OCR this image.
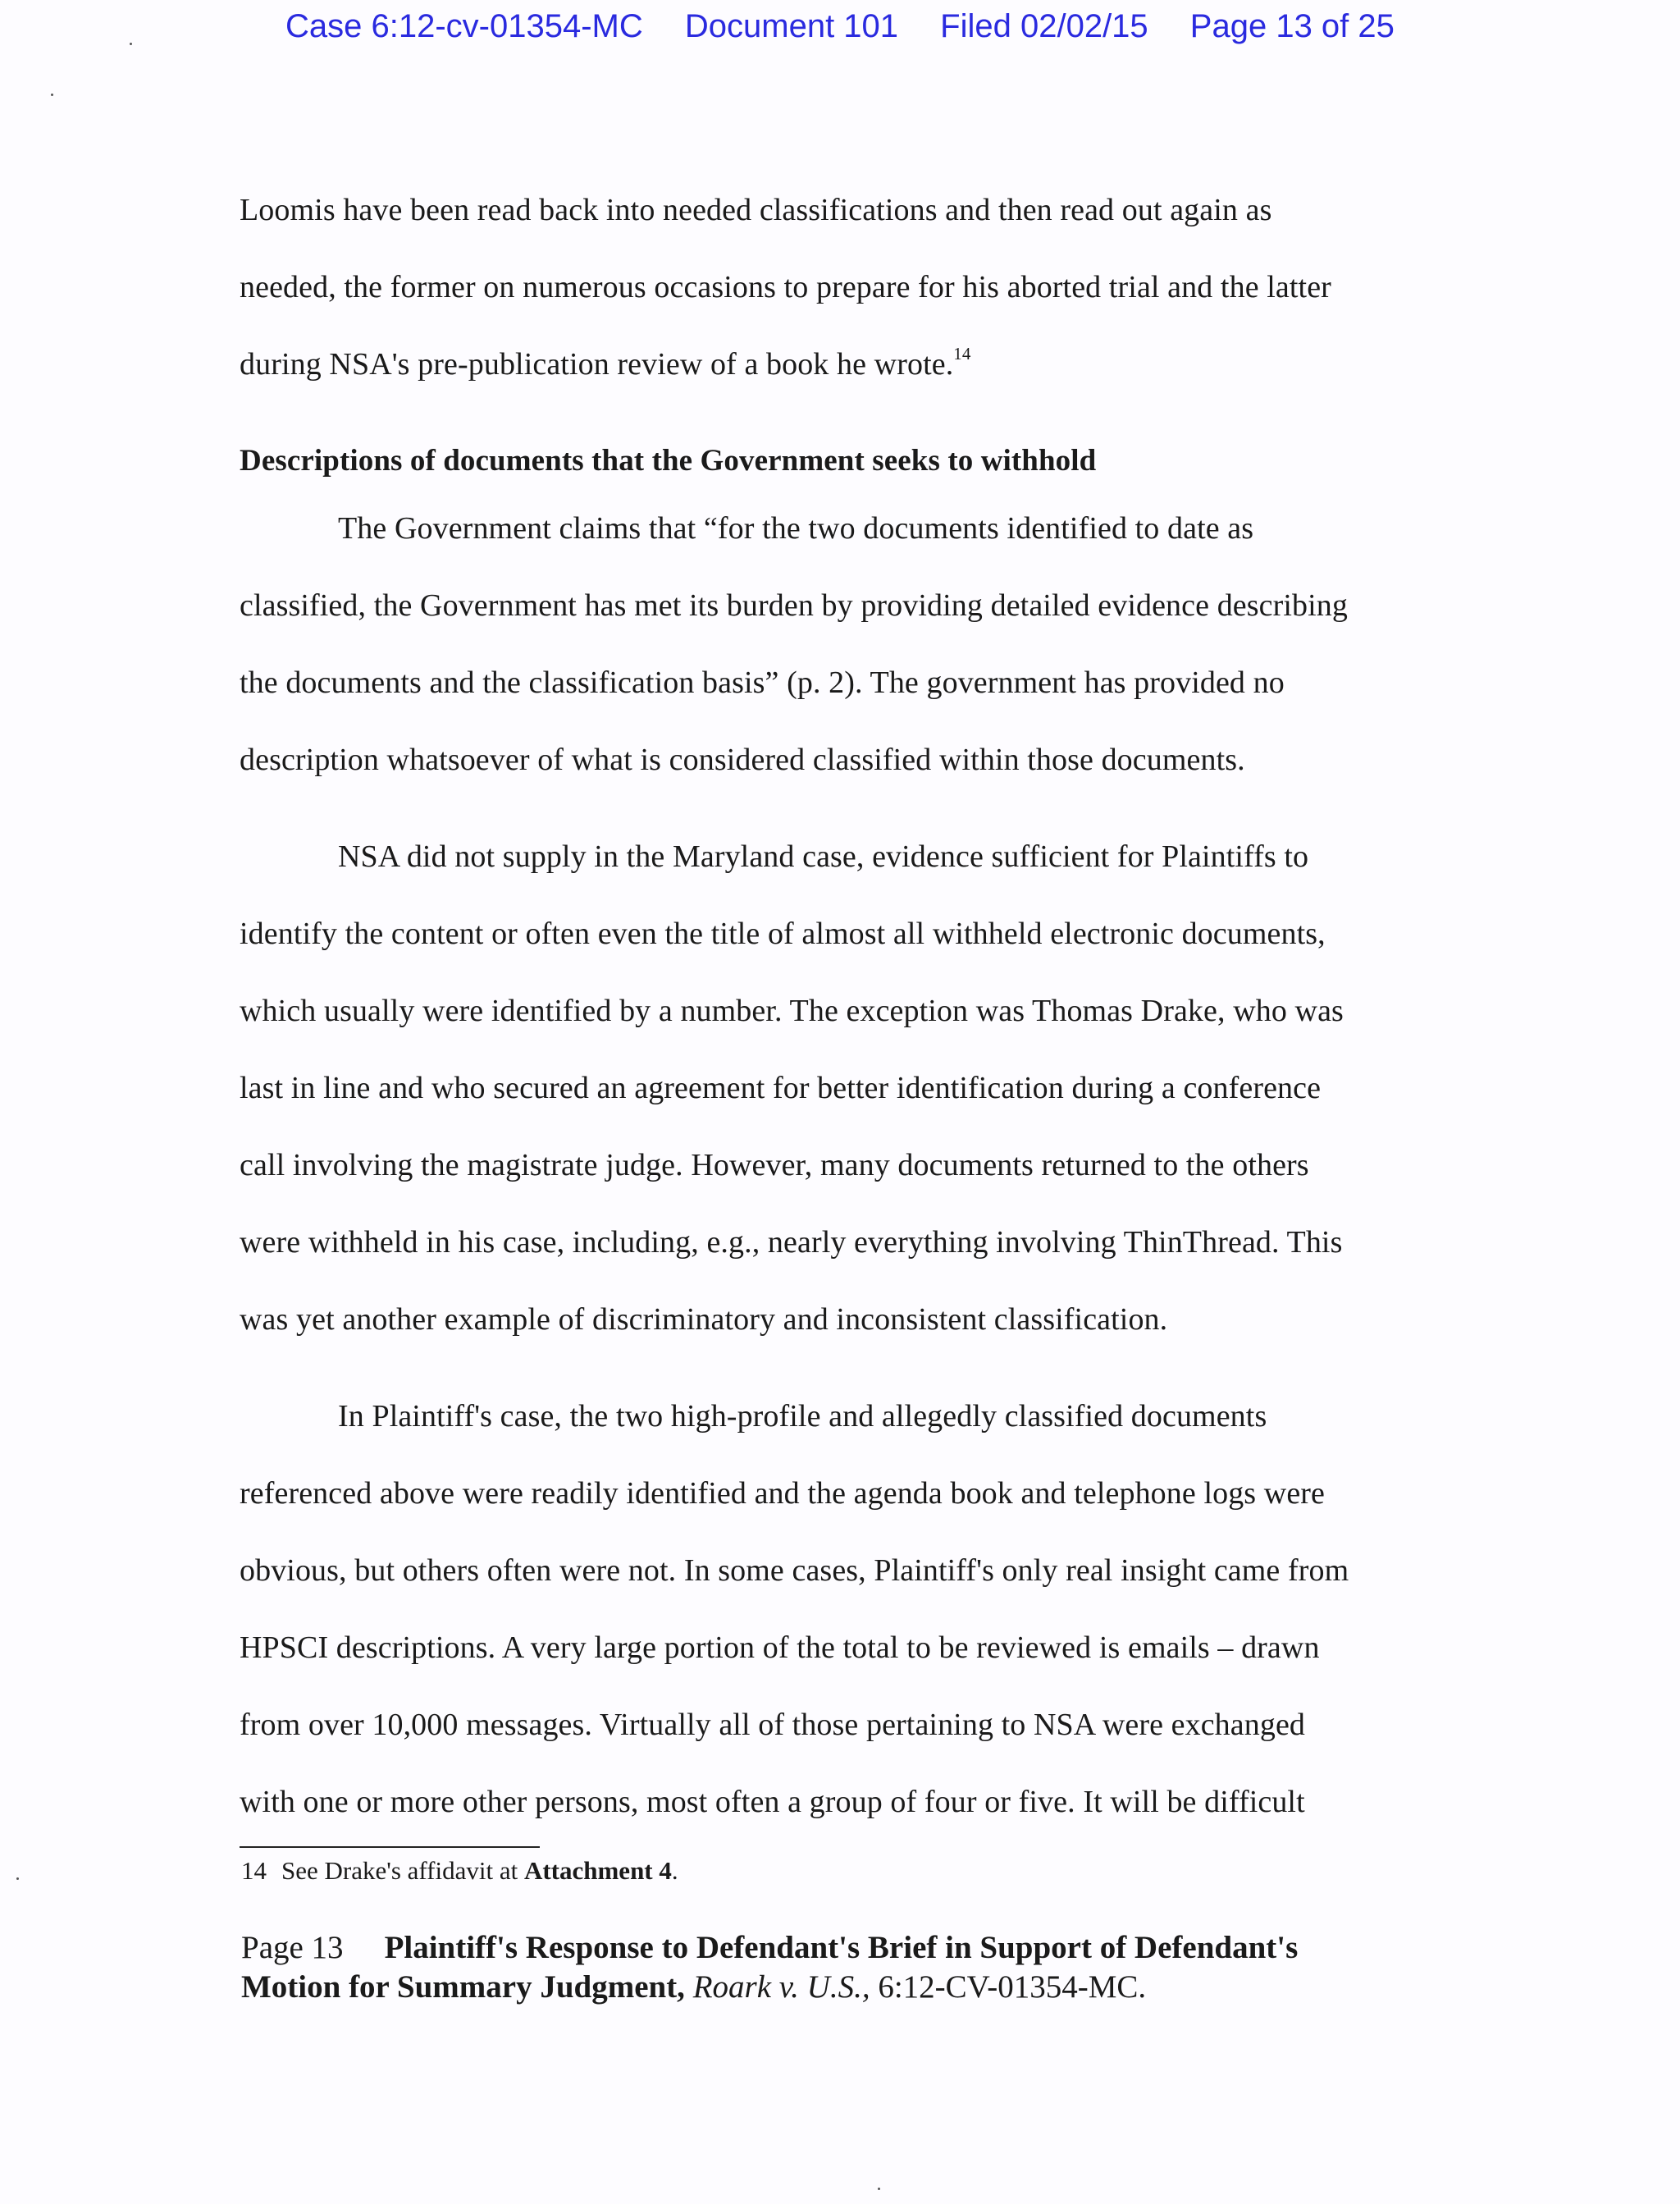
Case 6:12-cv-01354-MC Document 101 Filed 02/02/15 Page 13 of 25
Loomis have been read back into needed classifications and then read out again as
needed, the former on numerous occasions to prepare for his aborted trial and the latter
during NSA's pre-publication review of a book he wrote.$^{14}$
Descriptions of documents that the Government seeks to withhold
The Government claims that “for the two documents identified to date as
classified, the Government has met its burden by providing detailed evidence describing
the documents and the classification basis” (p. 2). The government has provided no
description whatsoever of what is considered classified within those documents.
NSA did not supply in the Maryland case, evidence sufficient for Plaintiffs to
identify the content or often even the title of almost all withheld electronic documents,
which usually were identified by a number. The exception was Thomas Drake, who was
last in line and who secured an agreement for better identification during a conference
call involving the magistrate judge. However, many documents returned to the others
were withheld in his case, including, e.g., nearly everything involving ThinThread. This
was yet another example of discriminatory and inconsistent classification.
In Plaintiff's case, the two high-profile and allegedly classified documents
referenced above were readily identified and the agenda book and telephone logs were
obvious, but others often were not. In some cases, Plaintiff's only real insight came from
HPSCI descriptions. A very large portion of the total to be reviewed is emails – drawn
from over 10,000 messages. Virtually all of those pertaining to NSA were exchanged
with one or more other persons, most often a group of four or five. It will be difficult
14 See Drake's affidavit at Attachment 4.
Page 13 Plaintiff's Response to Defendant's Brief in Support of Defendant's
Motion for Summary Judgment, Roark v. U.S., 6:12-CV-01354-MC.
